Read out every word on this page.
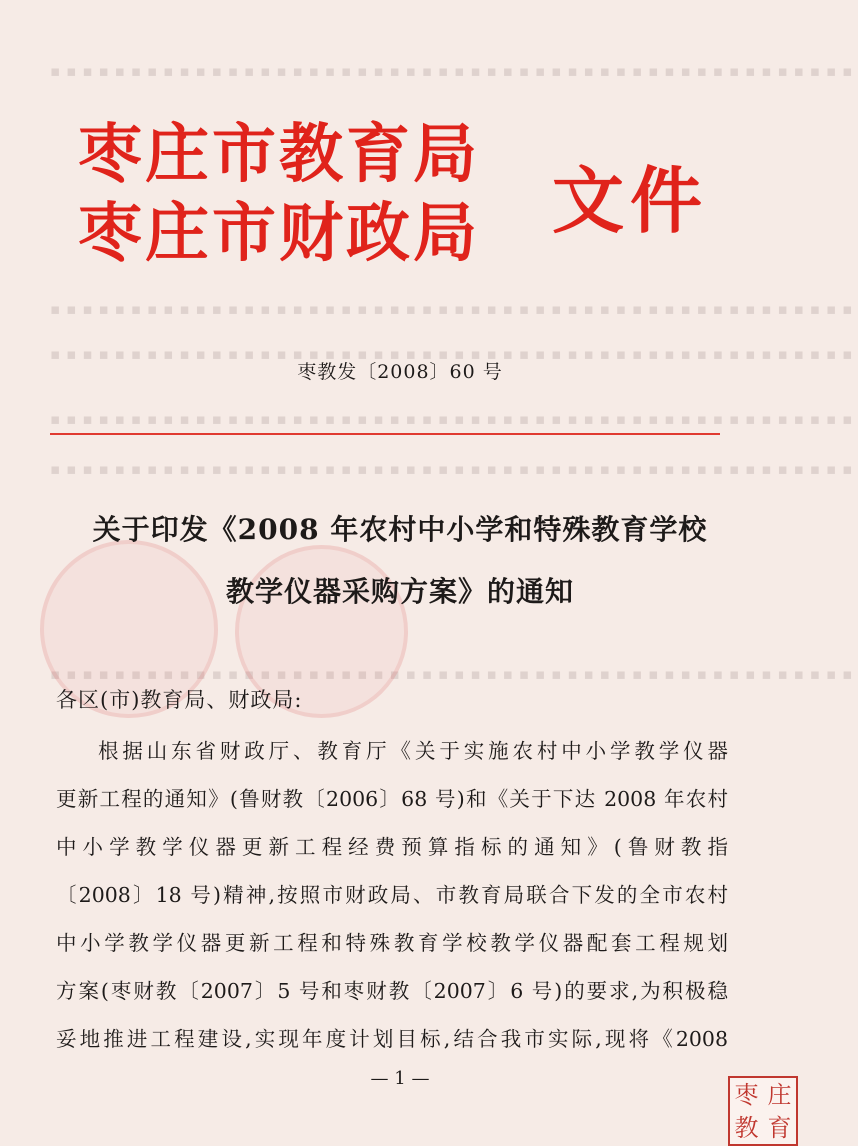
▪▪▪▪▪▪▪▪▪▪▪▪▪▪▪▪▪▪▪▪▪▪▪▪▪▪▪▪▪▪▪▪▪▪▪▪▪▪▪▪▪▪▪▪▪▪▪▪▪▪
▪▪▪▪▪▪▪▪▪▪▪▪▪▪▪▪▪▪▪▪▪▪▪▪▪▪▪▪▪▪▪▪▪▪▪▪▪▪▪▪▪▪▪▪▪▪▪▪▪▪
▪▪▪▪▪▪▪▪▪▪▪▪▪▪▪▪▪▪▪▪▪▪▪▪▪▪▪▪▪▪▪▪▪▪▪▪▪▪▪▪▪▪▪▪▪▪▪▪▪▪
▪▪▪▪▪▪▪▪▪▪▪▪▪▪▪▪▪▪▪▪▪▪▪▪▪▪▪▪▪▪▪▪▪▪▪▪▪▪▪▪▪▪▪▪▪▪▪▪▪▪
▪▪▪▪▪▪▪▪▪▪▪▪▪▪▪▪▪▪▪▪▪▪▪▪▪▪▪▪▪▪▪▪▪▪▪▪▪▪▪▪▪▪▪▪▪▪▪▪▪▪
▪▪▪▪▪▪▪▪▪▪▪▪▪▪▪▪▪▪▪▪▪▪▪▪▪▪▪▪▪▪▪▪▪▪▪▪▪▪▪▪▪▪▪▪▪▪▪▪▪▪
枣庄市教育局
枣庄市财政局 文件
枣教发〔2008〕60 号
关于印发《2008 年农村中小学和特殊教育学校
教学仪器采购方案》的通知
各区(市)教育局、财政局:
根据山东省财政厅、教育厅《关于实施农村中小学教学仪器
更新工程的通知》(鲁财教〔2006〕68 号)和《关于下达 2008 年农村
中小学教学仪器更新工程经费预算指标的通知》(鲁财教指
〔2008〕18 号)精神,按照市财政局、市教育局联合下发的全市农村
中小学教学仪器更新工程和特殊教育学校教学仪器配套工程规划
方案(枣财教〔2007〕5 号和枣财教〔2007〕6 号)的要求,为积极稳
妥地推进工程建设,实现年度计划目标,结合我市实际,现将《2008
— 1 —
枣 庄
教 育
